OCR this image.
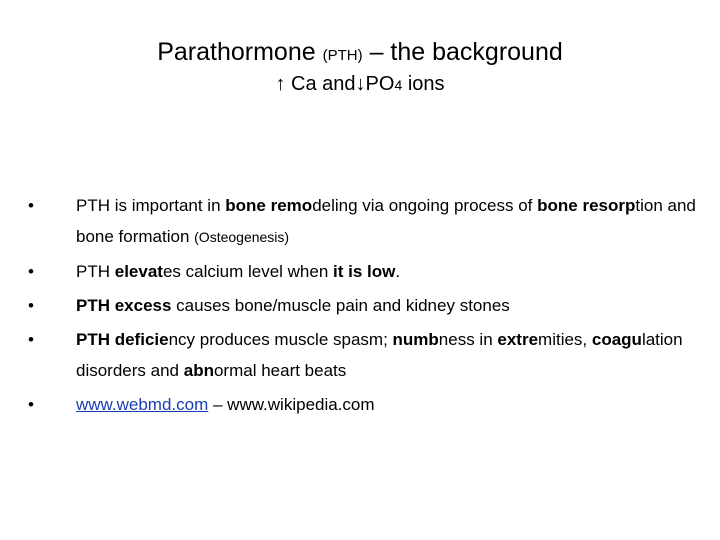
Parathormone (PTH) – the background
↑ Ca and↓PO4 ions
•	PTH is important in bone remodeling via ongoing process of bone resorption and bone formation (Osteogenesis)
•	PTH elevates calcium level when it is low.
•	PTH excess causes bone/muscle pain and kidney stones
•	PTH deficiency produces muscle spasm; numbness in extremities, coagulation disorders and abnormal heart beats
•	www.webmd.com – www.wikipedia.com
